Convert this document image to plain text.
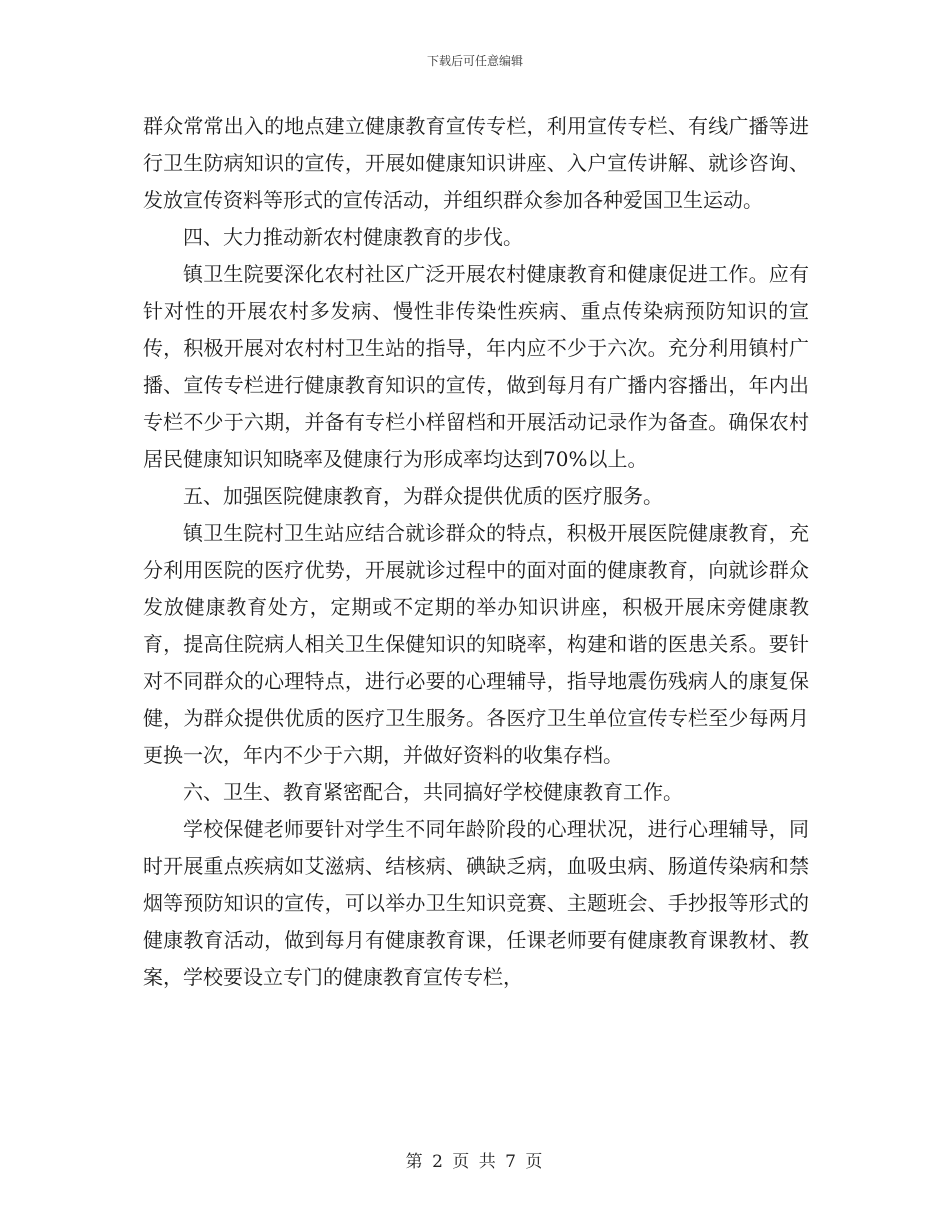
下载后可任意编辑

群众常常出入的地点建立健康教育宣传专栏，利用宣传专栏、有线广播等进行卫生防病知识的宣传，开展如健康知识讲座、入户宣传讲解、就诊咨询、发放宣传资料等形式的宣传活动，并组织群众参加各种爱国卫生运动。

四、大力推动新农村健康教育的步伐。

镇卫生院要深化农村社区广泛开展农村健康教育和健康促进工作。应有针对性的开展农村多发病、慢性非传染性疾病、重点传染病预防知识的宣传，积极开展对农村村卫生站的指导，年内应不少于六次。充分利用镇村广播、宣传专栏进行健康教育知识的宣传，做到每月有广播内容播出，年内出专栏不少于六期，并备有专栏小样留档和开展活动记录作为备查。确保农村居民健康知识知晓率及健康行为形成率均达到70%以上。

五、加强医院健康教育，为群众提供优质的医疗服务。

镇卫生院村卫生站应结合就诊群众的特点，积极开展医院健康教育，充分利用医院的医疗优势，开展就诊过程中的面对面的健康教育，向就诊群众发放健康教育处方，定期或不定期的举办知识讲座，积极开展床旁健康教育，提高住院病人相关卫生保健知识的知晓率，构建和谐的医患关系。要针对不同群众的心理特点，进行必要的心理辅导，指导地震伤残病人的康复保健，为群众提供优质的医疗卫生服务。各医疗卫生单位宣传专栏至少每两月更换一次，年内不少于六期，并做好资料的收集存档。

六、卫生、教育紧密配合，共同搞好学校健康教育工作。

学校保健老师要针对学生不同年龄阶段的心理状况，进行心理辅导，同时开展重点疾病如艾滋病、结核病、碘缺乏病，血吸虫病、肠道传染病和禁烟等预防知识的宣传，可以举办卫生知识竞赛、主题班会、手抄报等形式的健康教育活动，做到每月有健康教育课，任课老师要有健康教育课教材、教案，学校要设立专门的健康教育宣传专栏，

第 2 页 共 7 页
